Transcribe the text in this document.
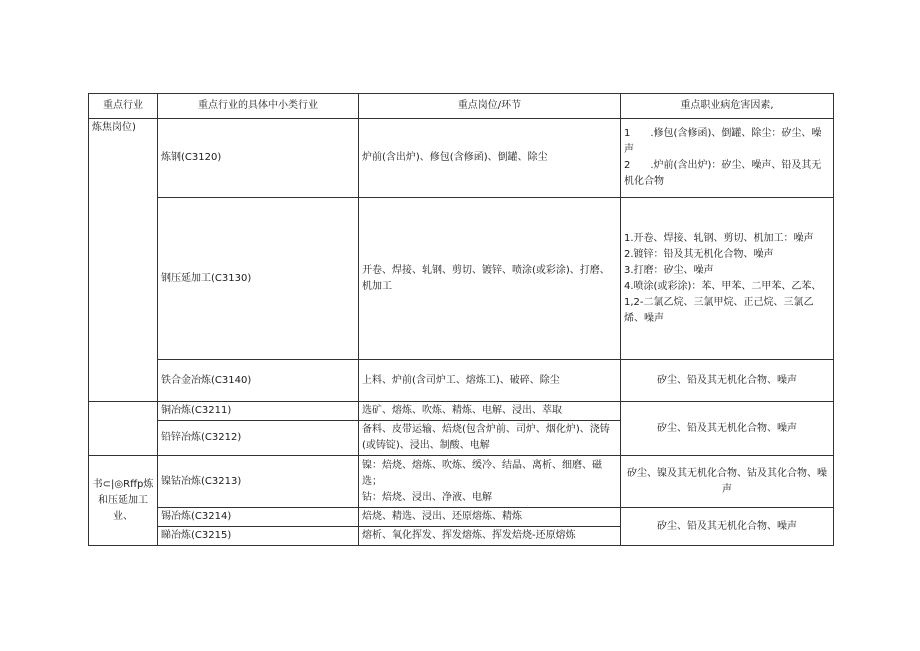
重点行业	重点行业的具体中小类行业	重点岗位/环节	重点职业病危害因素,
炼焦岗位)	炼钢(C3120)	炉前(含出炉)、修包(含修函)、倒罐、除尘	1　　.修包(含修函)、倒罐、除尘：矽尘、噪声
2　　.炉前(含出炉)：矽尘、噪声、铅及其无机化合物

	钢压延加工(C3130)	开卷、焊接、轧钢、剪切、镀锌、喷涂(或彩涂)、打磨、机加工	1.开卷、焊接、轧钢、剪切、机加工：噪声
2.镀锌：铅及其无机化合物、噪声
3.打磨：矽尘、噪声
4.喷涂(或彩涂)：苯、甲苯、二甲苯、乙苯、1,2-二氯乙烷、三氯甲烷、正己烷、三氯乙烯、噪声

	铁合金冶炼(C3140)	上料、炉前(含司炉工、熔炼工)、破碎、除尘	矽尘、铅及其无机化合物、噪声
	铜冶炼(C3211)	选矿、熔炼、吹炼、精炼、电解、浸出、萃取	矽尘、铅及其无机化合物、噪声
	铅锌冶炼(C3212)	备料、皮带运输、焙烧(包含炉前、司炉、烟化炉)、浇铸(或铸锭)、浸出、制酸、电解	
书⊂|◎Rffp炼和压延加工业、	镍钴冶炼(C3213)	镍：焙烧、熔炼、吹炼、缓冷、结晶、离析、细磨、磁选；
钴：焙烧、浸出、净液、电解	矽尘、镍及其无机化合物、钴及其化合物、噪声
	锡冶炼(C3214)	焙烧、精选、浸出、还原熔炼、精炼	矽尘、铅及其无机化合物、噪声
	睇冶炼(C3215)	熔析、氧化挥发、挥发熔炼、挥发焙烧-还原熔炼	
